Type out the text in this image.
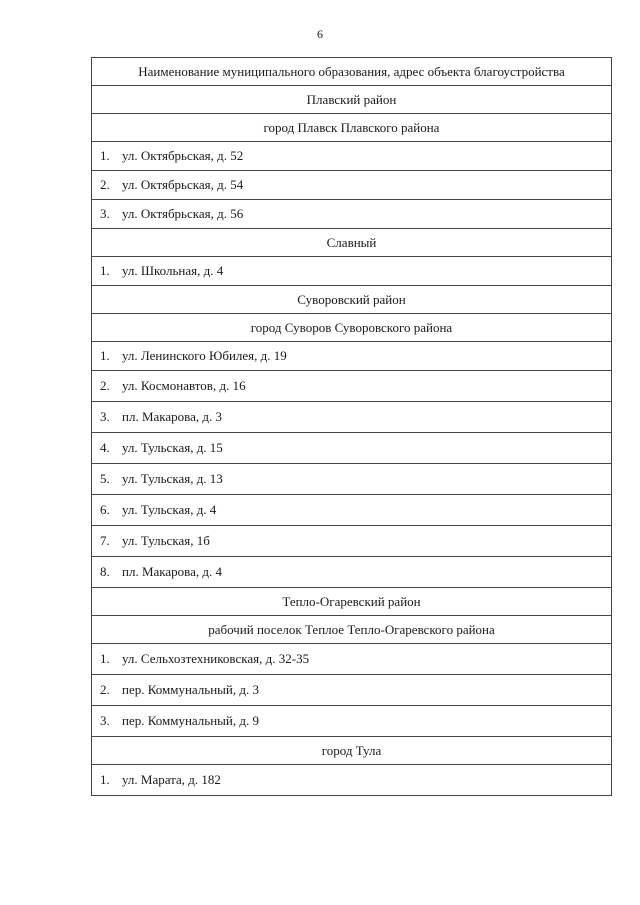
6
Наименование муниципального образования, адрес объекта благоустройства
Плавский район
город Плавск Плавского района
1. ул. Октябрьская, д. 52
2. ул. Октябрьская, д. 54
3. ул. Октябрьская, д. 56
Славный
1. ул. Школьная, д. 4
Суворовский район
город Суворов Суворовского района
1. ул. Ленинского Юбилея, д. 19
2. ул. Космонавтов, д. 16
3. пл. Макарова, д. 3
4. ул. Тульская, д. 15
5. ул. Тульская, д. 13
6. ул. Тульская, д. 4
7. ул. Тульская, 1б
8. пл. Макарова, д. 4
Тепло-Огаревский район
рабочий поселок Теплое Тепло-Огаревского района
1. ул. Сельхозтехниковская, д. 32-35
2. пер. Коммунальный, д. 3
3. пер. Коммунальный, д. 9
город Тула
1. ул. Марата, д. 182
